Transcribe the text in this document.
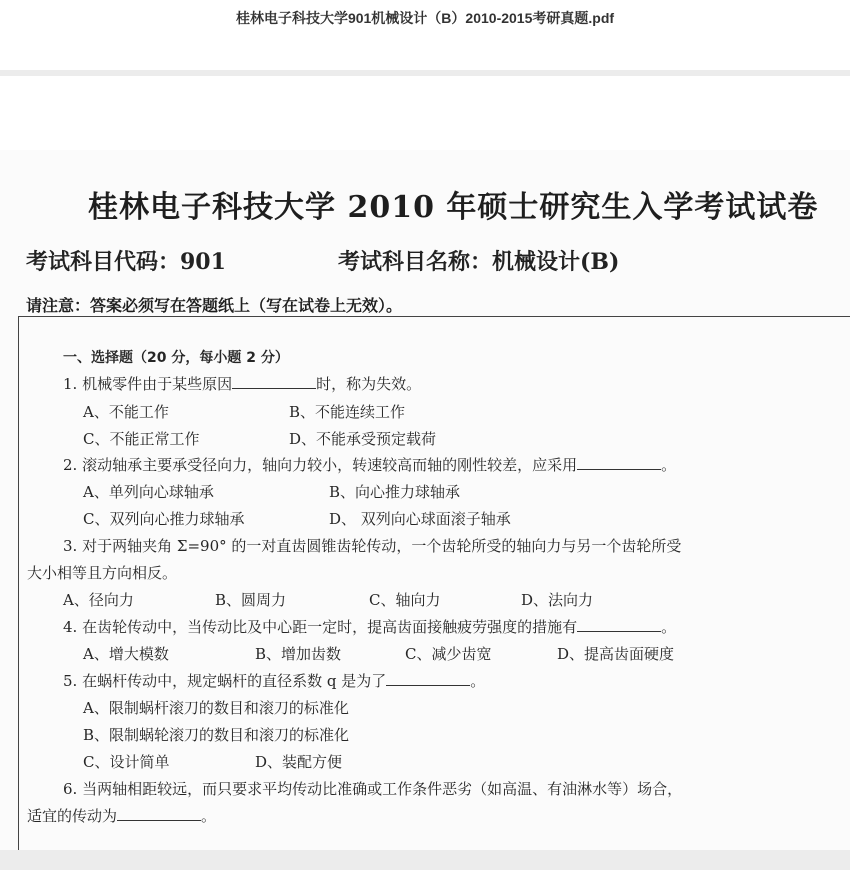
桂林电子科技大学901机械设计（B）2010-2015考研真题.pdf
桂林电子科技大学 2010 年硕士研究生入学考试试卷
考试科目代码：901	考试科目名称：机械设计(B)
请注意：答案必须写在答题纸上（写在试卷上无效）。
一、选择题（20 分，每小题 2 分）
1. 机械零件由于某些原因	时，称为失效。
A、不能工作	B、不能连续工作
C、不能正常工作	D、不能承受预定载荷
2. 滚动轴承主要承受径向力，轴向力较小，转速较高而轴的刚性较差，应采用	。
A、单列向心球轴承	B、向心推力球轴承
C、双列向心推力球轴承	D、 双列向心球面滚子轴承
3. 对于两轴夹角 Σ=90° 的一对直齿圆锥齿轮传动，一个齿轮所受的轴向力与另一个齿轮所受
大小相等且方向相反。
A、径向力	B、圆周力	C、轴向力	D、法向力
4. 在齿轮传动中，当传动比及中心距一定时，提高齿面接触疲劳强度的措施有	。
A、增大模数	B、增加齿数	C、减少齿宽	D、提高齿面硬度
5. 在蜗杆传动中，规定蜗杆的直径系数 q 是为了	。
A、限制蜗杆滚刀的数目和滚刀的标准化
B、限制蜗轮滚刀的数目和滚刀的标准化
C、设计简单	D、装配方便
6. 当两轴相距较远，而只要求平均传动比准确或工作条件恶劣（如高温、有油淋水等）场合，
适宜的传动为	。
